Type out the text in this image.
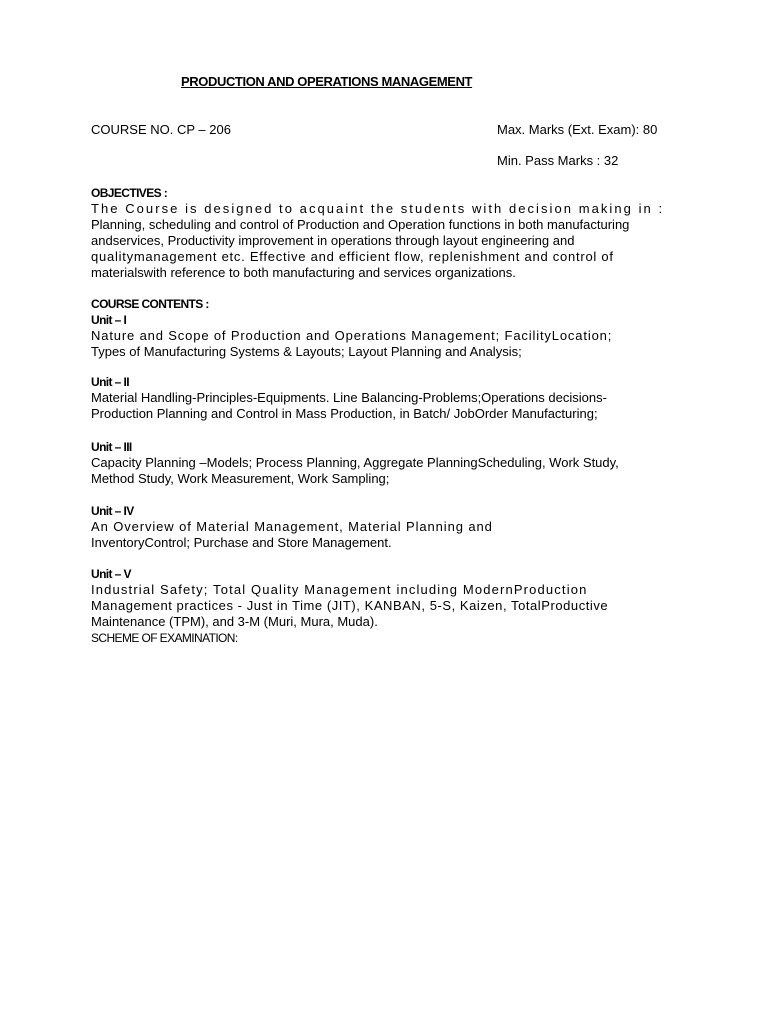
PRODUCTION AND OPERATIONS MANAGEMENT
COURSE NO. CP – 206	Max. Marks (Ext. Exam): 80
Min. Pass Marks : 32
OBJECTIVES :
The Course is designed to acquaint the students with decision making in :
Planning, scheduling and control of Production and Operation functions in both manufacturing
andservices, Productivity improvement in operations through layout engineering and
qualitymanagement etc. Effective and efficient flow, replenishment and control of
materialswith reference to both manufacturing and services organizations.
COURSE CONTENTS :
Unit – I
Nature and Scope of Production and Operations Management; FacilityLocation;
Types of Manufacturing Systems & Layouts; Layout Planning and Analysis;
Unit – II
Material Handling-Principles-Equipments. Line Balancing-Problems;Operations decisions-
Production Planning and Control in Mass Production, in Batch/ JobOrder Manufacturing;
Unit – III
Capacity Planning –Models; Process Planning, Aggregate PlanningScheduling, Work Study,
Method Study, Work Measurement, Work Sampling;
Unit – IV
An Overview of Material Management, Material Planning and
InventoryControl; Purchase and Store Management.
Unit – V
Industrial Safety; Total Quality Management including ModernProduction
Management practices - Just in Time (JIT), KANBAN, 5-S, Kaizen, TotalProductive
Maintenance (TPM), and 3-M (Muri, Mura, Muda).
SCHEME OF EXAMINATION:
